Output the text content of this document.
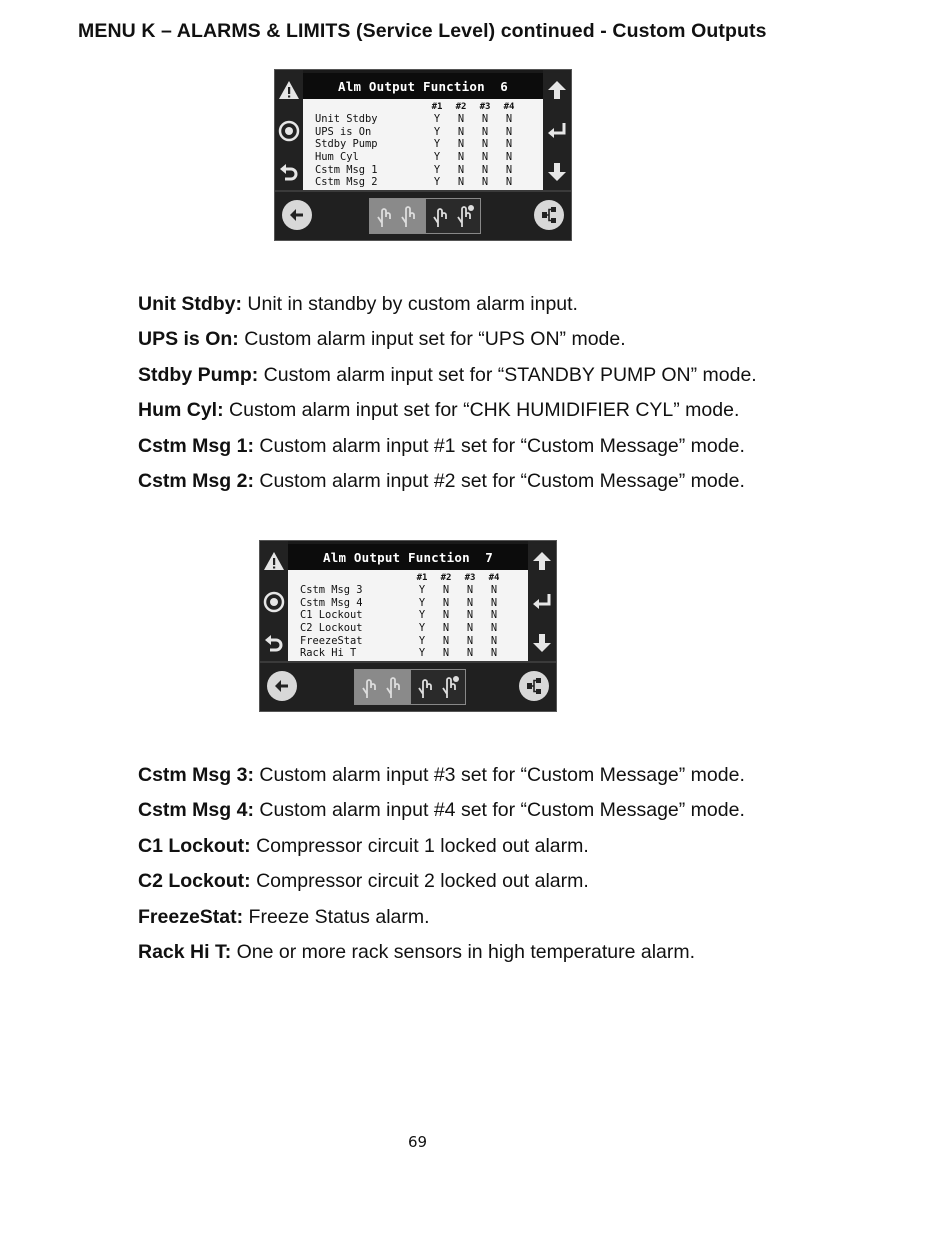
MENU K – ALARMS & LIMITS (Service Level) continued - Custom Outputs
Alm Output Function  6
#1	#2	#3	#4
Unit Stdby	Y	N	N	N
UPS is On	Y	N	N	N
Stdby Pump	Y	N	N	N
Hum Cyl	Y	N	N	N
Cstm Msg 1	Y	N	N	N
Cstm Msg 2	Y	N	N	N
Unit Stdby: Unit in standby by custom alarm input.
UPS is On: Custom alarm input set for “UPS ON” mode.
Stdby Pump: Custom alarm input set for “STANDBY PUMP ON” mode.
Hum Cyl: Custom alarm input set for “CHK HUMIDIFIER CYL” mode.
Cstm Msg 1: Custom alarm input #1 set for “Custom Message” mode.
Cstm Msg 2: Custom alarm input #2 set for “Custom Message” mode.
Alm Output Function  7
#1	#2	#3	#4
Cstm Msg 3	Y	N	N	N
Cstm Msg 4	Y	N	N	N
C1 Lockout	Y	N	N	N
C2 Lockout	Y	N	N	N
FreezeStat	Y	N	N	N
Rack Hi T	Y	N	N	N
Cstm Msg 3: Custom alarm input #3 set for “Custom Message” mode.
Cstm Msg 4: Custom alarm input #4 set for “Custom Message” mode.
C1 Lockout: Compressor circuit 1 locked out alarm.
C2 Lockout: Compressor circuit 2 locked out alarm.
FreezeStat: Freeze Status alarm.
Rack Hi T: One or more rack sensors in high temperature alarm.
69
